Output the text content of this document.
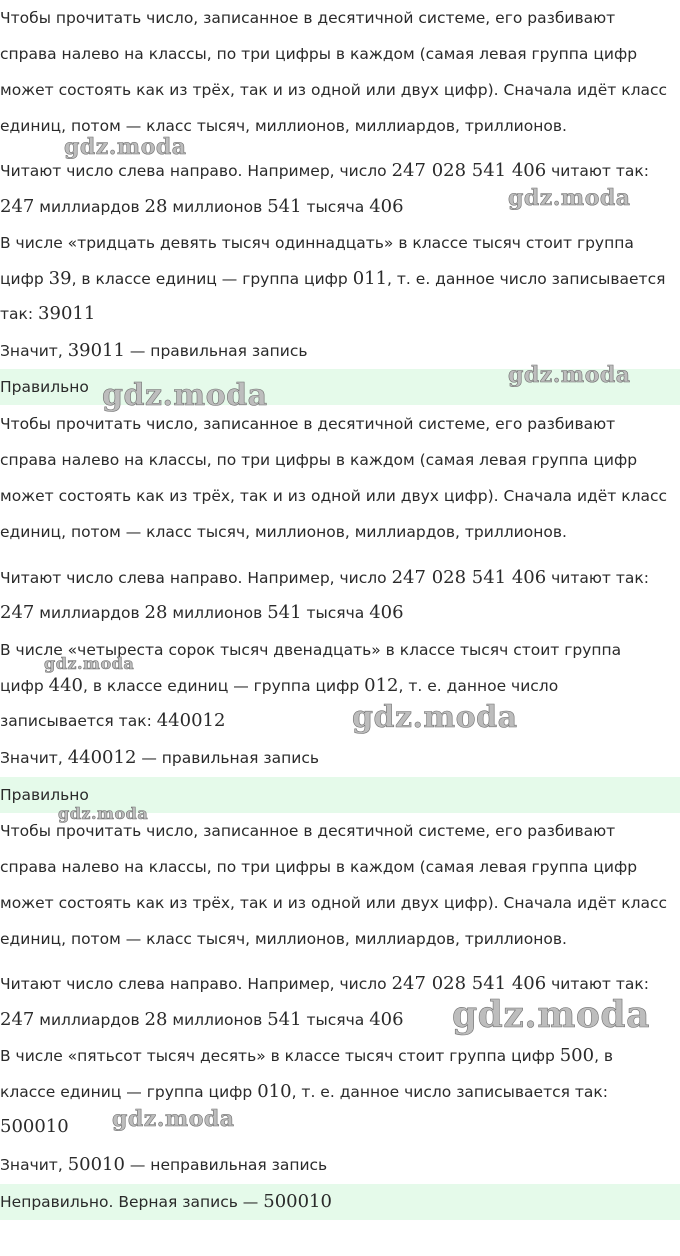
Чтобы прочитать число, записанное в десятичной системе, его разбивают
справа налево на классы, по три цифры в каждом (самая левая группа цифр
может состоять как из трёх, так и из одной или двух цифр). Сначала идёт класс
единиц, потом — класс тысяч, миллионов, миллиардов, триллионов.
Читают число слева направо. Например, число 247 028 541 406 читают так:
247 миллиардов 28 миллионов 541 тысяча 406
В числе «тридцать девять тысяч одиннадцать» в классе тысяч стоит группа
цифр 39, в классе единиц — группа цифр 011, т. е. данное число записывается
так: 39011
Значит, 39011 — правильная запись
Правильно
Чтобы прочитать число, записанное в десятичной системе, его разбивают
справа налево на классы, по три цифры в каждом (самая левая группа цифр
может состоять как из трёх, так и из одной или двух цифр). Сначала идёт класс
единиц, потом — класс тысяч, миллионов, миллиардов, триллионов.
Читают число слева направо. Например, число 247 028 541 406 читают так:
247 миллиардов 28 миллионов 541 тысяча 406
В числе «четыреста сорок тысяч двенадцать» в классе тысяч стоит группа
цифр 440, в классе единиц — группа цифр 012, т. е. данное число
записывается так: 440012
Значит, 440012 — правильная запись
Правильно
Чтобы прочитать число, записанное в десятичной системе, его разбивают
справа налево на классы, по три цифры в каждом (самая левая группа цифр
может состоять как из трёх, так и из одной или двух цифр). Сначала идёт класс
единиц, потом — класс тысяч, миллионов, миллиардов, триллионов.
Читают число слева направо. Например, число 247 028 541 406 читают так:
247 миллиардов 28 миллионов 541 тысяча 406
В числе «пятьсот тысяч десять» в классе тысяч стоит группа цифр 500, в
классе единиц — группа цифр 010, т. е. данное число записывается так:
500010
Значит, 50010 — неправильная запись
Неправильно. Верная запись — 500010
gdz.moda
gdz.moda
gdz.moda
gdz.moda
gdz.moda
gdz.moda
gdz.moda
gdz.moda
gdz.moda
